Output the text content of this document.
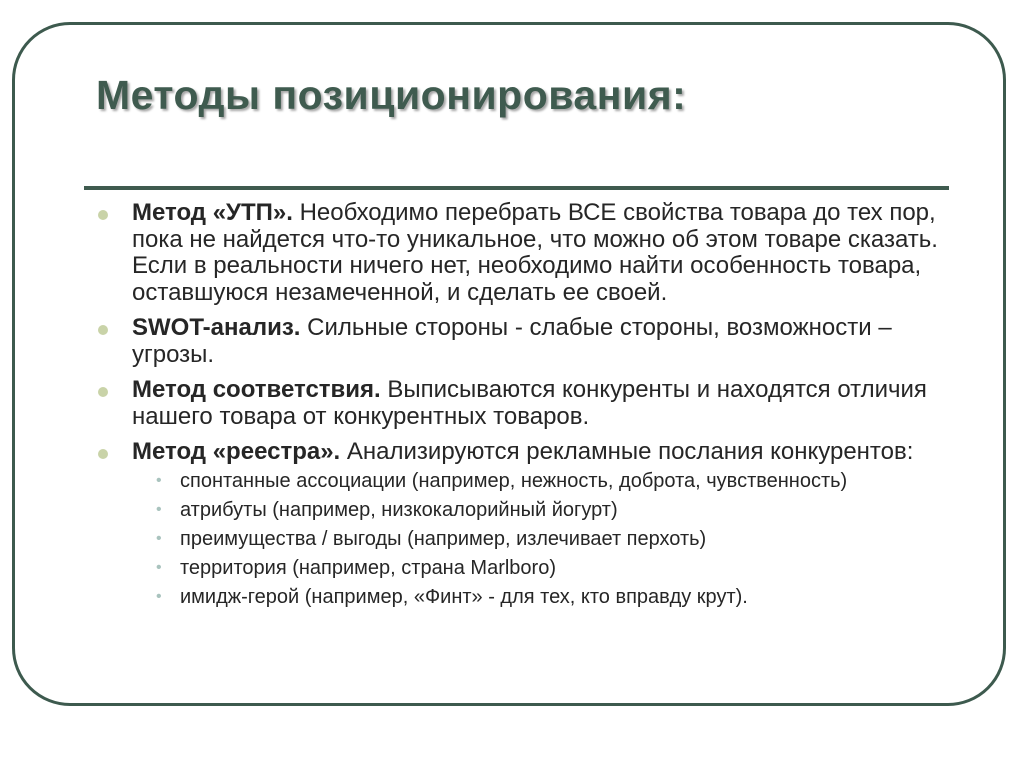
Методы позиционирования:
Метод «УТП». Необходимо перебрать ВСЕ свойства товара до тех пор, пока не найдется что-то уникальное, что можно об этом товаре сказать. Если в реальности ничего нет, необходимо найти особенность товара, оставшуюся незамеченной, и сделать ее своей.
SWOT-анализ. Сильные стороны - слабые стороны, возможности – угрозы.
Метод соответствия. Выписываются конкуренты и находятся отличия нашего товара от конкурентных товаров.
Метод «реестра». Анализируются рекламные послания конкурентов:
• спонтанные ассоциации (например, нежность, доброта, чувственность)
• атрибуты (например, низкокалорийный йогурт)
• преимущества / выгоды (например, излечивает перхоть)
• территория (например, страна Marlboro)
• имидж-герой (например, «Финт» - для тех, кто вправду крут).
